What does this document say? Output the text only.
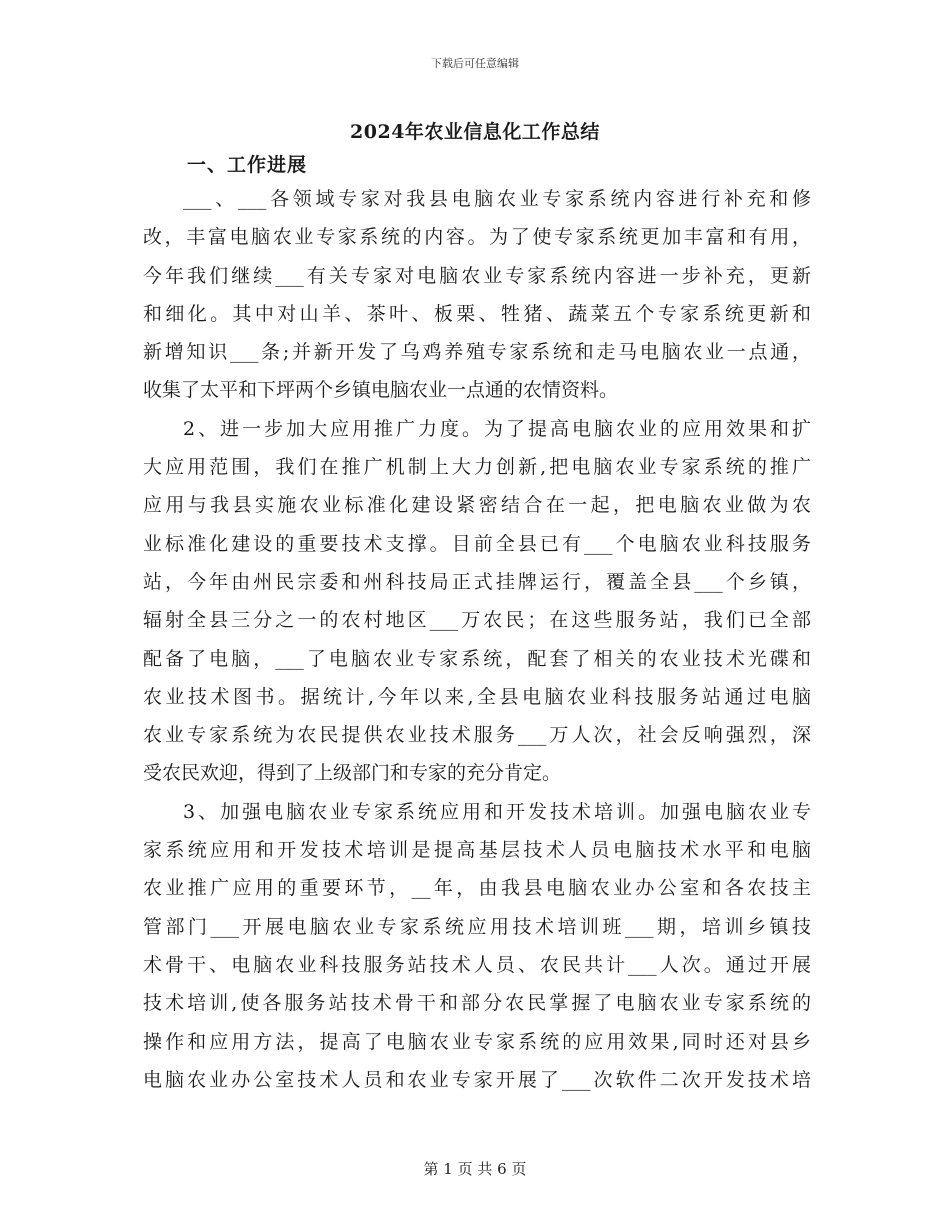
下载后可任意编辑
2024年农业信息化工作总结
一、工作进展
___、___各领域专家对我县电脑农业专家系统内容进行补充和修
改，丰富电脑农业专家系统的内容。为了使专家系统更加丰富和有用，
今年我们继续___有关专家对电脑农业专家系统内容进一步补充，更新
和细化。其中对山羊、茶叶、板栗、牲猪、蔬菜五个专家系统更新和
新增知识___条;并新开发了乌鸡养殖专家系统和走马电脑农业一点通，
收集了太平和下坪两个乡镇电脑农业一点通的农情资料。
2、进一步加大应用推广力度。为了提高电脑农业的应用效果和扩
大应用范围，我们在推广机制上大力创新,把电脑农业专家系统的推广
应用与我县实施农业标准化建设紧密结合在一起，把电脑农业做为农
业标准化建设的重要技术支撑。目前全县已有___个电脑农业科技服务
站，今年由州民宗委和州科技局正式挂牌运行，覆盖全县___个乡镇，
辐射全县三分之一的农村地区___万农民；在这些服务站，我们已全部
配备了电脑，___了电脑农业专家系统，配套了相关的农业技术光碟和
农业技术图书。据统计,今年以来,全县电脑农业科技服务站通过电脑
农业专家系统为农民提供农业技术服务___万人次，社会反响强烈，深
受农民欢迎，得到了上级部门和专家的充分肯定。
3、加强电脑农业专家系统应用和开发技术培训。加强电脑农业专
家系统应用和开发技术培训是提高基层技术人员电脑技术水平和电脑
农业推广应用的重要环节，__年，由我县电脑农业办公室和各农技主
管部门___开展电脑农业专家系统应用技术培训班___期，培训乡镇技
术骨干、电脑农业科技服务站技术人员、农民共计___人次。通过开展
技术培训,使各服务站技术骨干和部分农民掌握了电脑农业专家系统的
操作和应用方法，提高了电脑农业专家系统的应用效果,同时还对县乡
电脑农业办公室技术人员和农业专家开展了___次软件二次开发技术培
第 1 页 共 6 页
